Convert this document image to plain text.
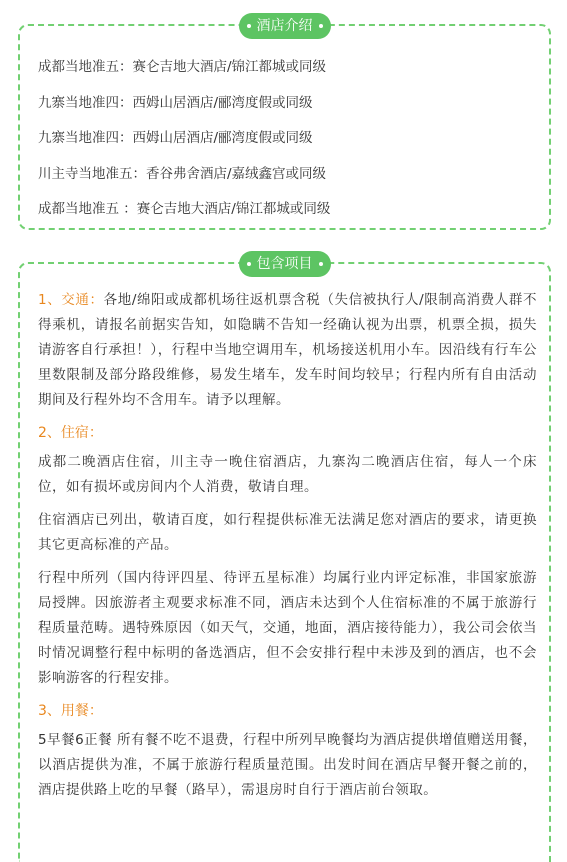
酒店介绍
成都当地准五：赛仑吉地大酒店/锦江都城或同级
九寨当地准四：西姆山居酒店/郦湾度假或同级
九寨当地准四：西姆山居酒店/郦湾度假或同级
川主寺当地准五：香谷弗舍酒店/嘉绒鑫宫或同级
成都当地准五 ：赛仑吉地大酒店/锦江都城或同级
包含项目

1、交通：各地/绵阳或成都机场往返机票含税（失信被执行人/限制高消费人群不得乘机，请报名前据实告知，如隐瞒不告知一经确认视为出票，机票全损，损失请游客自行承担！），行程中当地空调用车，机场接送机用小车。因沿线有行车公里数限制及部分路段维修，易发生堵车，发车时间均较早；行程内所有自由活动期间及行程外均不含用车。请予以理解。

2、住宿：

成都二晚酒店住宿，川主寺一晚住宿酒店，九寨沟二晚酒店住宿，每人一个床位，如有损坏或房间内个人消费，敬请自理。

住宿酒店已列出，敬请百度，如行程提供标准无法满足您对酒店的要求，请更换其它更高标准的产品。

行程中所列（国内待评四星、待评五星标准）均属行业内评定标准，非国家旅游局授牌。因旅游者主观要求标准不同，酒店未达到个人住宿标准的不属于旅游行程质量范畴。遇特殊原因（如天气，交通，地面，酒店接待能力），我公司会依当时情况调整行程中标明的备选酒店，但不会安排行程中未涉及到的酒店，也不会影响游客的行程安排。

3、用餐：

5早餐6正餐 所有餐不吃不退费，行程中所列早晚餐均为酒店提供增值赠送用餐，以酒店提供为准，不属于旅游行程质量范围。出发时间在酒店早餐开餐之前的，酒店提供路上吃的早餐（路早），需退房时自行于酒店前台领取。
